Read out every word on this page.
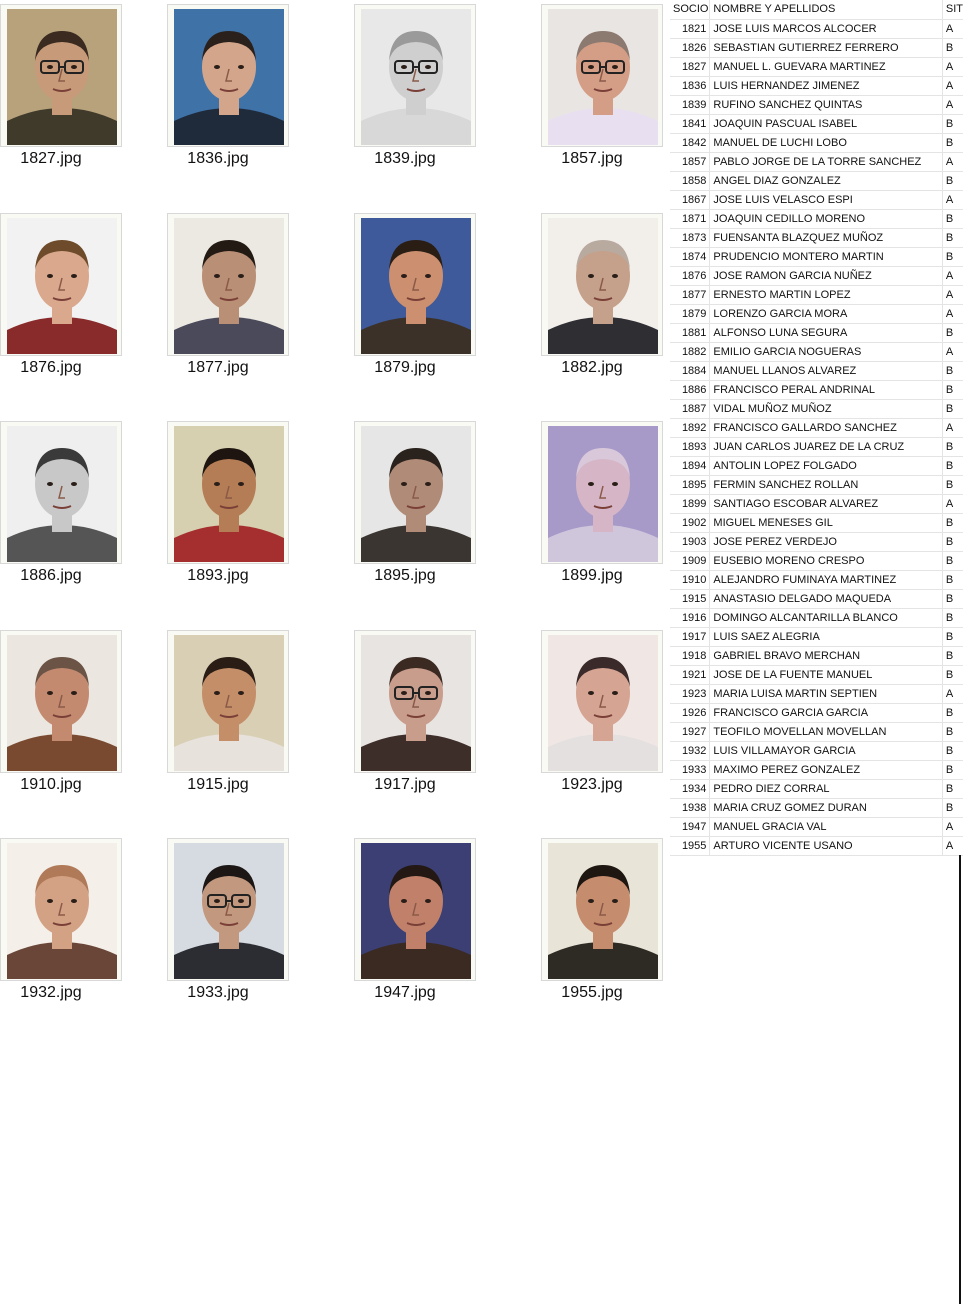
1827.jpg	1836.jpg	1839.jpg	1857.jpg
1876.jpg	1877.jpg	1879.jpg	1882.jpg
1886.jpg	1893.jpg	1895.jpg	1899.jpg
1910.jpg	1915.jpg	1917.jpg	1923.jpg
1932.jpg	1933.jpg	1947.jpg	1955.jpg
SOCIO	NOMBRE Y APELLIDOS	SIT
1821	JOSE LUIS MARCOS ALCOCER	A
1826	SEBASTIAN GUTIERREZ FERRERO	B
1827	MANUEL L. GUEVARA MARTINEZ	A
1836	LUIS HERNANDEZ JIMENEZ	A
1839	RUFINO SANCHEZ QUINTAS	A
1841	JOAQUIN PASCUAL ISABEL	B
1842	MANUEL DE LUCHI LOBO	B
1857	PABLO JORGE DE LA TORRE SANCHEZ	A
1858	ANGEL DIAZ GONZALEZ	B
1867	JOSE LUIS VELASCO ESPI	A
1871	JOAQUIN CEDILLO MORENO	B
1873	FUENSANTA BLAZQUEZ MUÑOZ	B
1874	PRUDENCIO MONTERO MARTIN	B
1876	JOSE RAMON GARCIA NUÑEZ	A
1877	ERNESTO MARTIN LOPEZ	A
1879	LORENZO GARCIA MORA	A
1881	ALFONSO LUNA SEGURA	B
1882	EMILIO GARCIA NOGUERAS	A
1884	MANUEL LLANOS ALVAREZ	B
1886	FRANCISCO PERAL ANDRINAL	B
1887	VIDAL MUÑOZ MUÑOZ	B
1892	FRANCISCO GALLARDO SANCHEZ	A
1893	JUAN CARLOS JUAREZ DE LA CRUZ	B
1894	ANTOLIN LOPEZ FOLGADO	B
1895	FERMIN SANCHEZ ROLLAN	B
1899	SANTIAGO ESCOBAR ALVAREZ	A
1902	MIGUEL MENESES GIL	B
1903	JOSE PEREZ VERDEJO	B
1909	EUSEBIO MORENO CRESPO	B
1910	ALEJANDRO FUMINAYA MARTINEZ	B
1915	ANASTASIO DELGADO MAQUEDA	B
1916	DOMINGO ALCANTARILLA BLANCO	B
1917	LUIS SAEZ ALEGRIA	B
1918	GABRIEL BRAVO MERCHAN	B
1921	JOSE DE LA FUENTE MANUEL	B
1923	MARIA LUISA MARTIN SEPTIEN	A
1926	FRANCISCO GARCIA GARCIA	B
1927	TEOFILO MOVELLAN MOVELLAN	B
1932	LUIS VILLAMAYOR GARCIA	B
1933	MAXIMO PEREZ GONZALEZ	B
1934	PEDRO DIEZ CORRAL	B
1938	MARIA CRUZ GOMEZ DURAN	B
1947	MANUEL GRACIA VAL	A
1955	ARTURO VICENTE USANO	A
